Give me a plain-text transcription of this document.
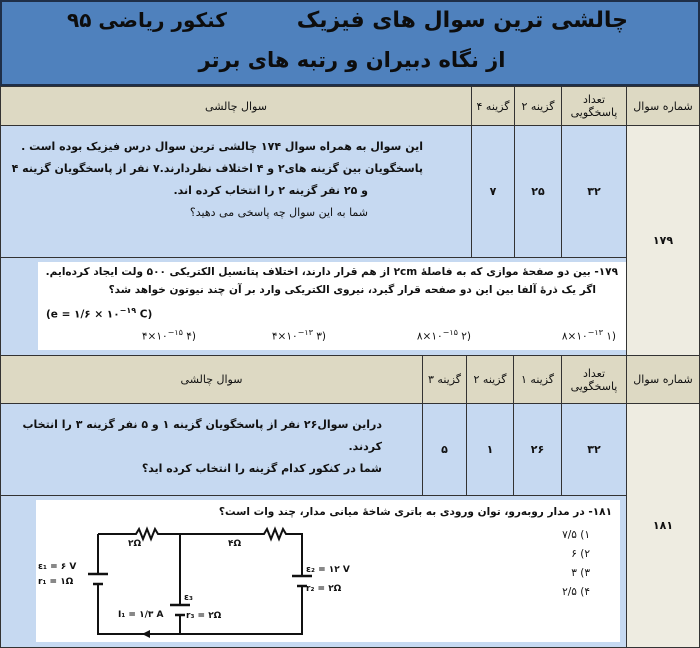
چالشی ترین سوال های فیزیک
کنکور ریاضی ۹۵
از نگاه دبیران و رتبه های برتر
سوال چالشی	گزینه ۴	گزینه ۲	تعداد
پاسخگویی	شماره سوال
این سوال به همراه سوال ۱۷۴ چالشی ترین سوال درس فیزیک بوده است .
پاسخگویان بین گزینه های۲ و ۴ اختلاف نظردارند.۷ نفر از پاسخگویان گزینه ۴
و ۲۵ نفر گزینه ۲ را انتخاب کرده اند.
شما به این سوال چه پاسخی می دهید؟
۷	۲۵	۳۲
۱۷۹
۱۷۹- بین دو صفحهٔ موازی که به فاصلهٔ ۲cm از هم قرار دارند، اختلاف پتانسیل الکتریکی ۵۰۰ ولت ایجاد کرده‌ایم.
اگر یک ذرهٔ آلفا بین این دو صفحه قرار گیرد، نیروی الکتریکی وارد بر آن چند نیوتون خواهد شد؟
(e = ۱/۶ × $۱۰^{-۱۹}$ C)
$۸\times ۱۰^{-۱۳}$ ۱)
$۸\times ۱۰^{-۱۵}$ ۲)
$۴\times ۱۰^{-۱۳}$ ۳)
$۴\times ۱۰^{-۱۵}$ ۴)
سوال چالشی	گزینه ۳	گزینه ۲	گزینه ۱	تعداد
پاسخگویی	شماره سوال
دراین سوال۲۶ نفر از پاسخگویان گزینه ۱ و ۵ نفر گزینه ۳ را انتخاب کردند.
شما در کنکور کدام گزینه را انتخاب کرده اید؟
۵	۱	۲۶	۳۲
۱۸۱
۱۸۱- در مدار روبه‌رو، توان ورودی به باتری شاخهٔ میانی مدار، چند وات است؟
۱) ۷/۵
۲) ۶
۳) ۳
۴) ۲/۵
۲Ω	۴Ω
ε₁ = ۶ V
r₁ = ۱Ω
ε₂ = ۱۲ V
r₂ = ۲Ω
ε₃
r₃ = ۲Ω
I₁ = ۱/۳ A
